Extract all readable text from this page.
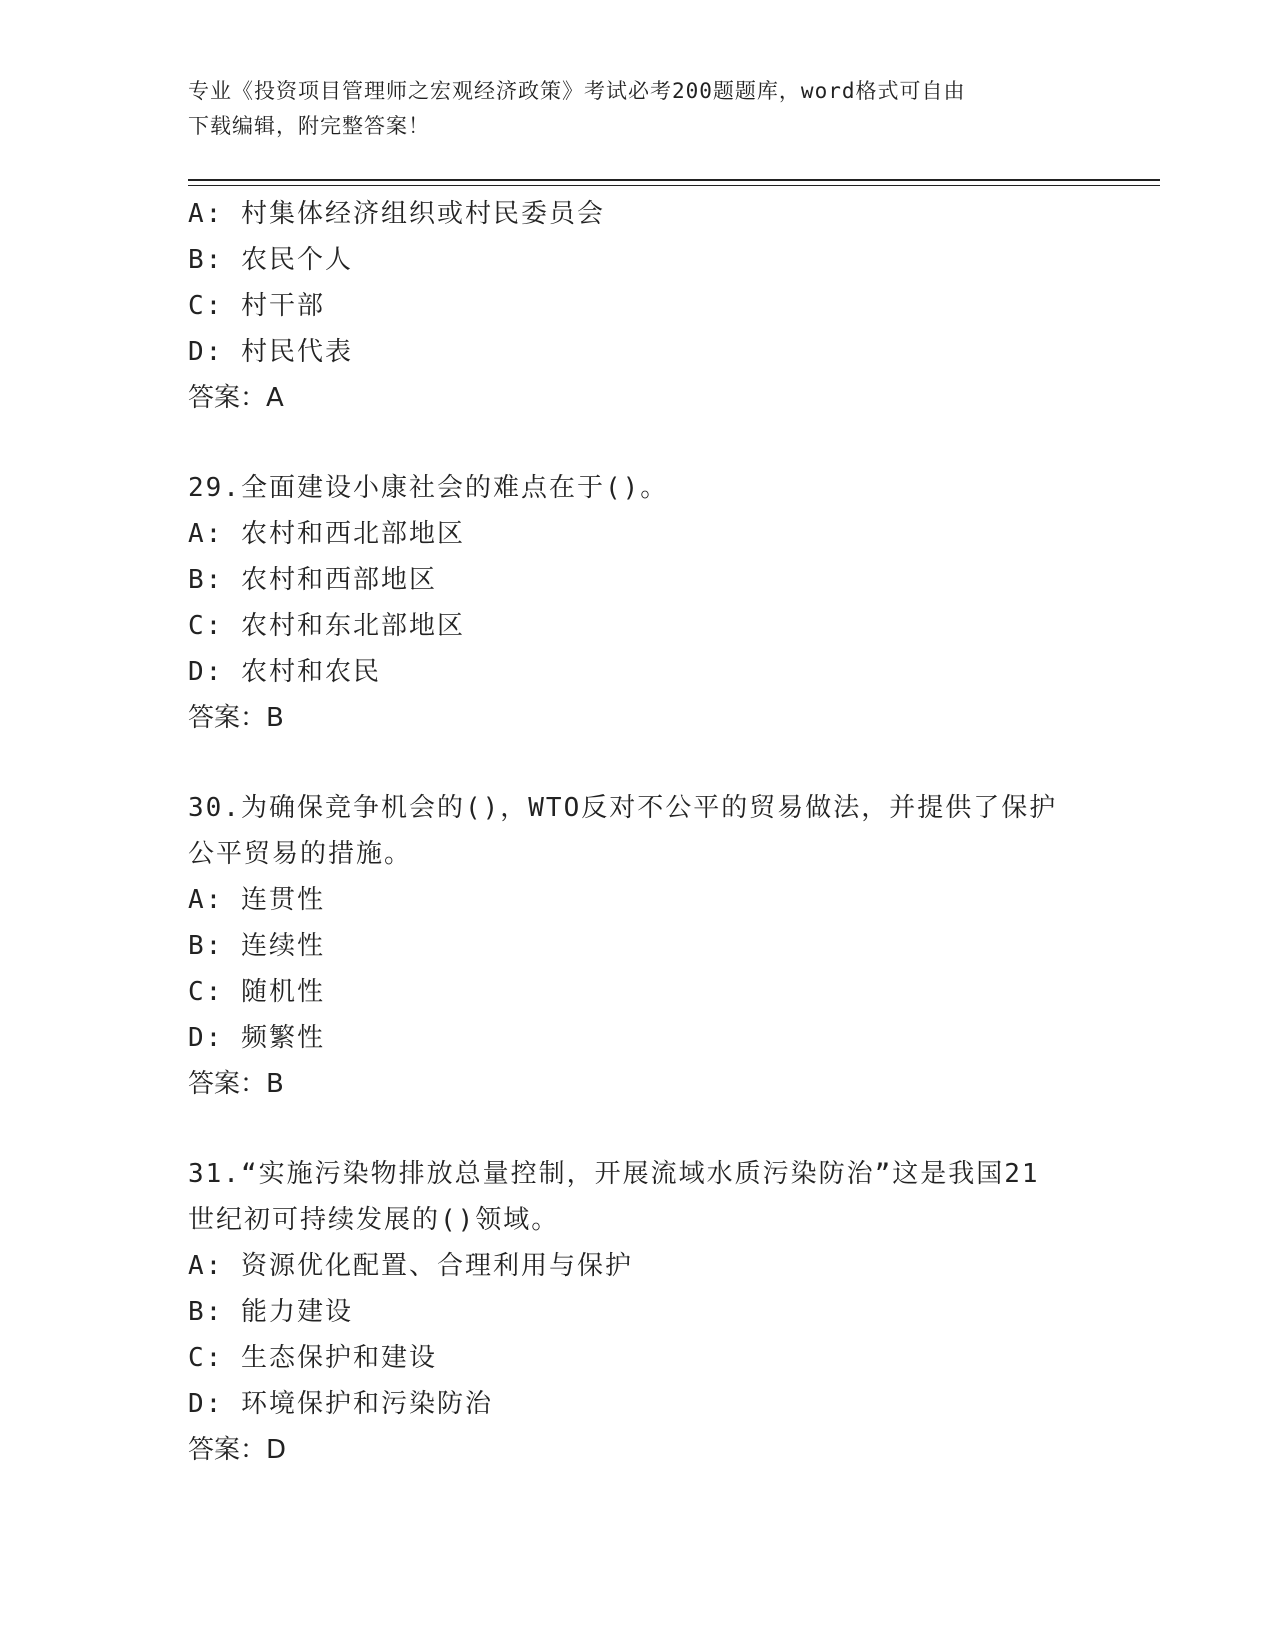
专业《投资项目管理师之宏观经济政策》考试必考200题题库，word格式可自由
下载编辑，附完整答案！
A: 村集体经济组织或村民委员会
B: 农民个人
C: 村干部
D: 村民代表
答案：A
29.全面建设小康社会的难点在于()。
A: 农村和西北部地区
B: 农村和西部地区
C: 农村和东北部地区
D: 农村和农民
答案：B
30.为确保竞争机会的()，WTO反对不公平的贸易做法，并提供了保护
公平贸易的措施。
A: 连贯性
B: 连续性
C: 随机性
D: 频繁性
答案：B
31.“实施污染物排放总量控制，开展流域水质污染防治”这是我国21
世纪初可持续发展的()领域。
A: 资源优化配置、合理利用与保护
B: 能力建设
C: 生态保护和建设
D: 环境保护和污染防治
答案：D
